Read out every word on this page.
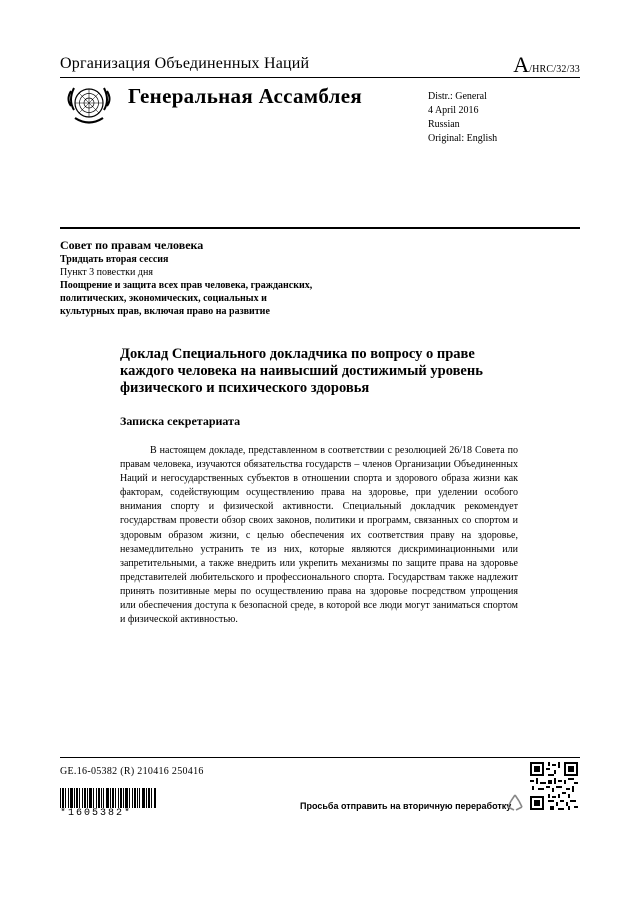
Организация Объединенных Наций	A/HRC/32/33
Генеральная Ассамблея	Distr.: General
4 April 2016
Russian
Original: English
Совет по правам человека
Тридцать вторая сессия
Пункт 3 повестки дня
Поощрение и защита всех прав человека, гражданских, политических, экономических, социальных и культурных прав, включая право на развитие
Доклад Специального докладчика по вопросу о праве каждого человека на наивысший достижимый уровень физического и психического здоровья
Записка секретариата
В настоящем докладе, представленном в соответствии с резолюцией 26/18 Совета по правам человека, изучаются обязательства государств – членов Организации Объединенных Наций и негосударственных субъектов в отношении спорта и здорового образа жизни как факторам, содействующим осуществлению права на здоровье, при уделении особого внимания спорту и физической активности. Специальный докладчик рекомендует государствам провести обзор своих законов, политики и программ, связанных со спортом и здоровым образом жизни, с целью обеспечения их соответствия праву на здоровье, незамедлительно устранить те из них, которые являются дискриминационными или запретительными, а также внедрить или укрепить механизмы по защите права на здоровье представителей любительского и профессионального спорта. Государствам также надлежит принять позитивные меры по осуществлению права на здоровье посредством упрощения или обеспечения доступа к безопасной среде, в которой все люди могут заниматься спортом и физической активностью.
GE.16-05382 (R) 210416 250416
*1605382*
Просьба отправить на вторичную переработку
